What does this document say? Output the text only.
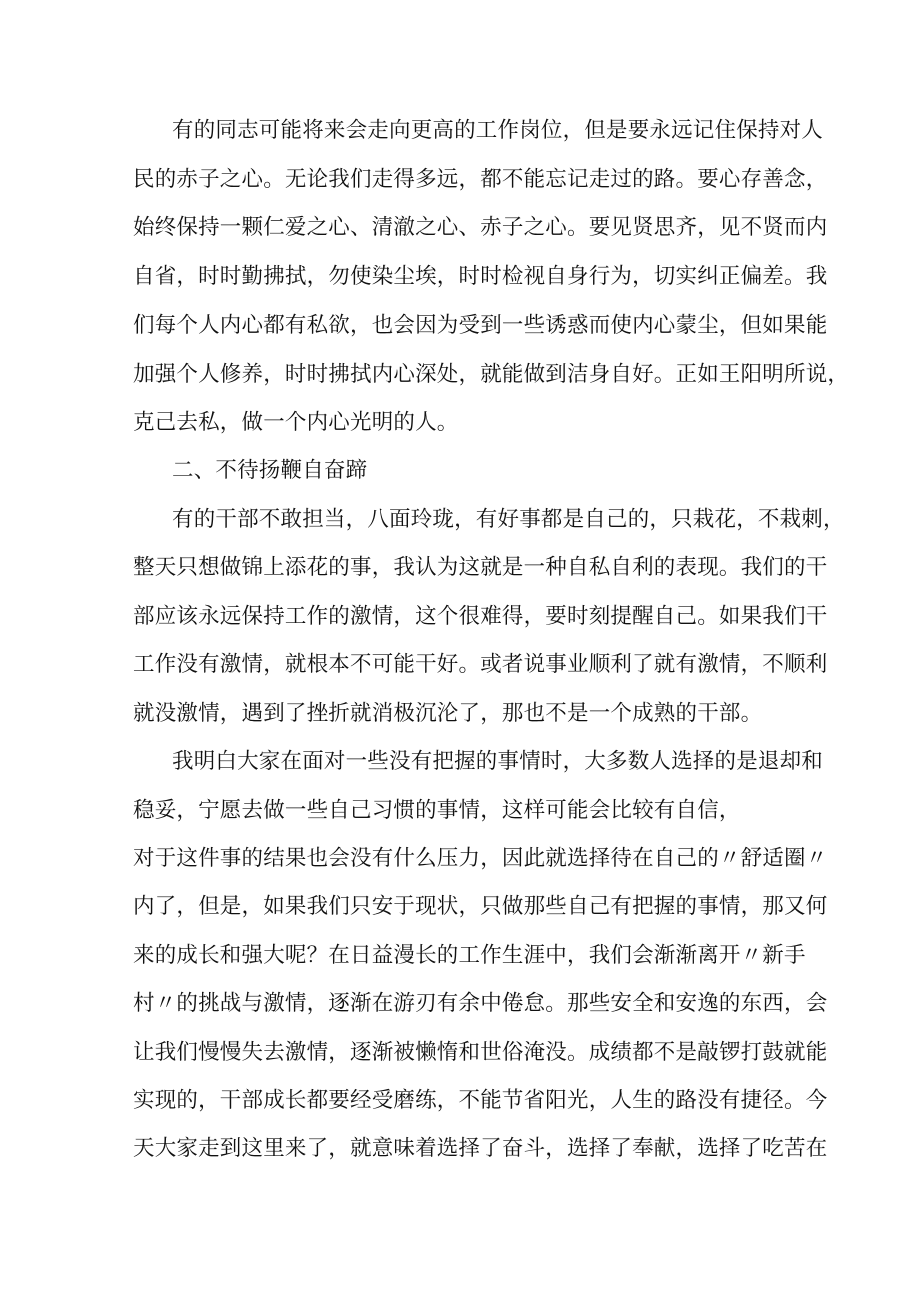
有的同志可能将来会走向更高的工作岗位，但是要永远记住保持对人
民的赤子之心。无论我们走得多远，都不能忘记走过的路。要心存善念，
始终保持一颗仁爱之心、清澈之心、赤子之心。要见贤思齐，见不贤而内
自省，时时勤拂拭，勿使染尘埃，时时检视自身行为，切实纠正偏差。我
们每个人内心都有私欲，也会因为受到一些诱惑而使内心蒙尘，但如果能
加强个人修养，时时拂拭内心深处，就能做到洁身自好。正如王阳明所说，
克己去私，做一个内心光明的人。
二、不待扬鞭自奋蹄
有的干部不敢担当，八面玲珑，有好事都是自己的，只栽花，不栽刺，
整天只想做锦上添花的事，我认为这就是一种自私自利的表现。我们的干
部应该永远保持工作的激情，这个很难得，要时刻提醒自己。如果我们干
工作没有激情，就根本不可能干好。或者说事业顺利了就有激情，不顺利
就没激情，遇到了挫折就消极沉沦了，那也不是一个成熟的干部。
我明白大家在面对一些没有把握的事情时，大多数人选择的是退却和
稳妥，宁愿去做一些自己习惯的事情，这样可能会比较有自信，
对于这件事的结果也会没有什么压力，因此就选择待在自己的〃舒适圈〃
内了，但是，如果我们只安于现状，只做那些自己有把握的事情，那又何
来的成长和强大呢？在日益漫长的工作生涯中，我们会渐渐离开〃新手
村〃的挑战与激情，逐渐在游刃有余中倦怠。那些安全和安逸的东西，会
让我们慢慢失去激情，逐渐被懒惰和世俗淹没。成绩都不是敲锣打鼓就能
实现的，干部成长都要经受磨练，不能节省阳光，人生的路没有捷径。今
天大家走到这里来了，就意味着选择了奋斗，选择了奉献，选择了吃苦在
